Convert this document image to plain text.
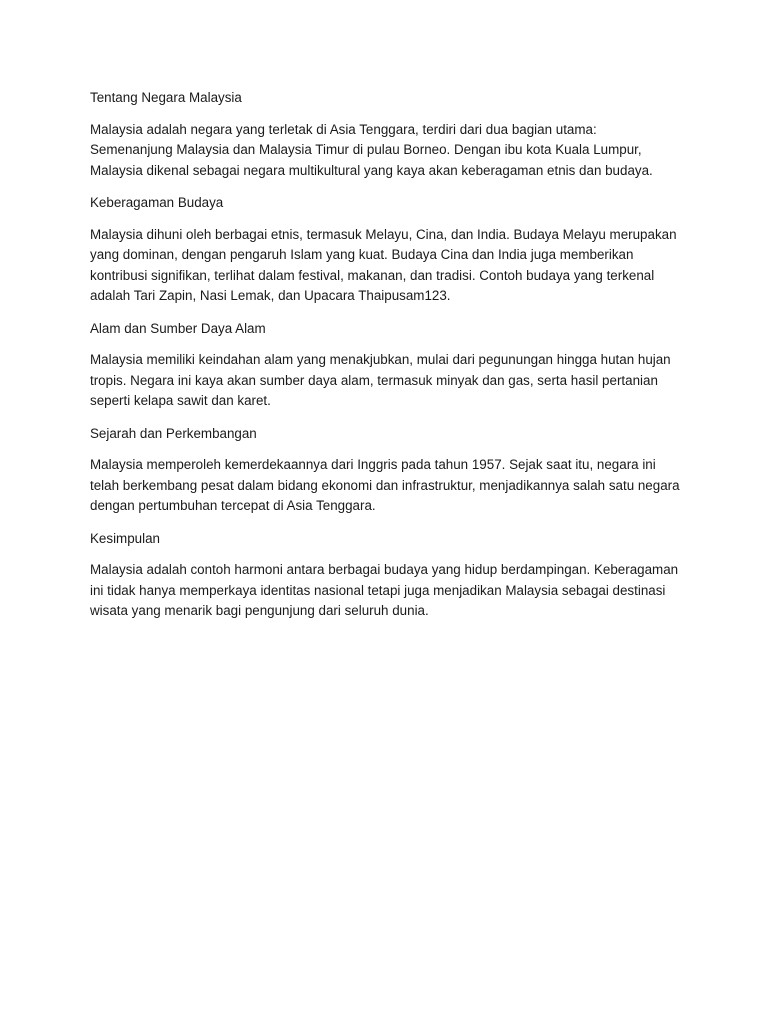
Tentang Negara Malaysia

Malaysia adalah negara yang terletak di Asia Tenggara, terdiri dari dua bagian utama: Semenanjung Malaysia dan Malaysia Timur di pulau Borneo. Dengan ibu kota Kuala Lumpur, Malaysia dikenal sebagai negara multikultural yang kaya akan keberagaman etnis dan budaya.

Keberagaman Budaya

Malaysia dihuni oleh berbagai etnis, termasuk Melayu, Cina, dan India. Budaya Melayu merupakan yang dominan, dengan pengaruh Islam yang kuat. Budaya Cina dan India juga memberikan kontribusi signifikan, terlihat dalam festival, makanan, dan tradisi. Contoh budaya yang terkenal adalah Tari Zapin, Nasi Lemak, dan Upacara Thaipusam123.

Alam dan Sumber Daya Alam

Malaysia memiliki keindahan alam yang menakjubkan, mulai dari pegunungan hingga hutan hujan tropis. Negara ini kaya akan sumber daya alam, termasuk minyak dan gas, serta hasil pertanian seperti kelapa sawit dan karet.

Sejarah dan Perkembangan

Malaysia memperoleh kemerdekaannya dari Inggris pada tahun 1957. Sejak saat itu, negara ini telah berkembang pesat dalam bidang ekonomi dan infrastruktur, menjadikannya salah satu negara dengan pertumbuhan tercepat di Asia Tenggara.

Kesimpulan

Malaysia adalah contoh harmoni antara berbagai budaya yang hidup berdampingan. Keberagaman ini tidak hanya memperkaya identitas nasional tetapi juga menjadikan Malaysia sebagai destinasi wisata yang menarik bagi pengunjung dari seluruh dunia.
